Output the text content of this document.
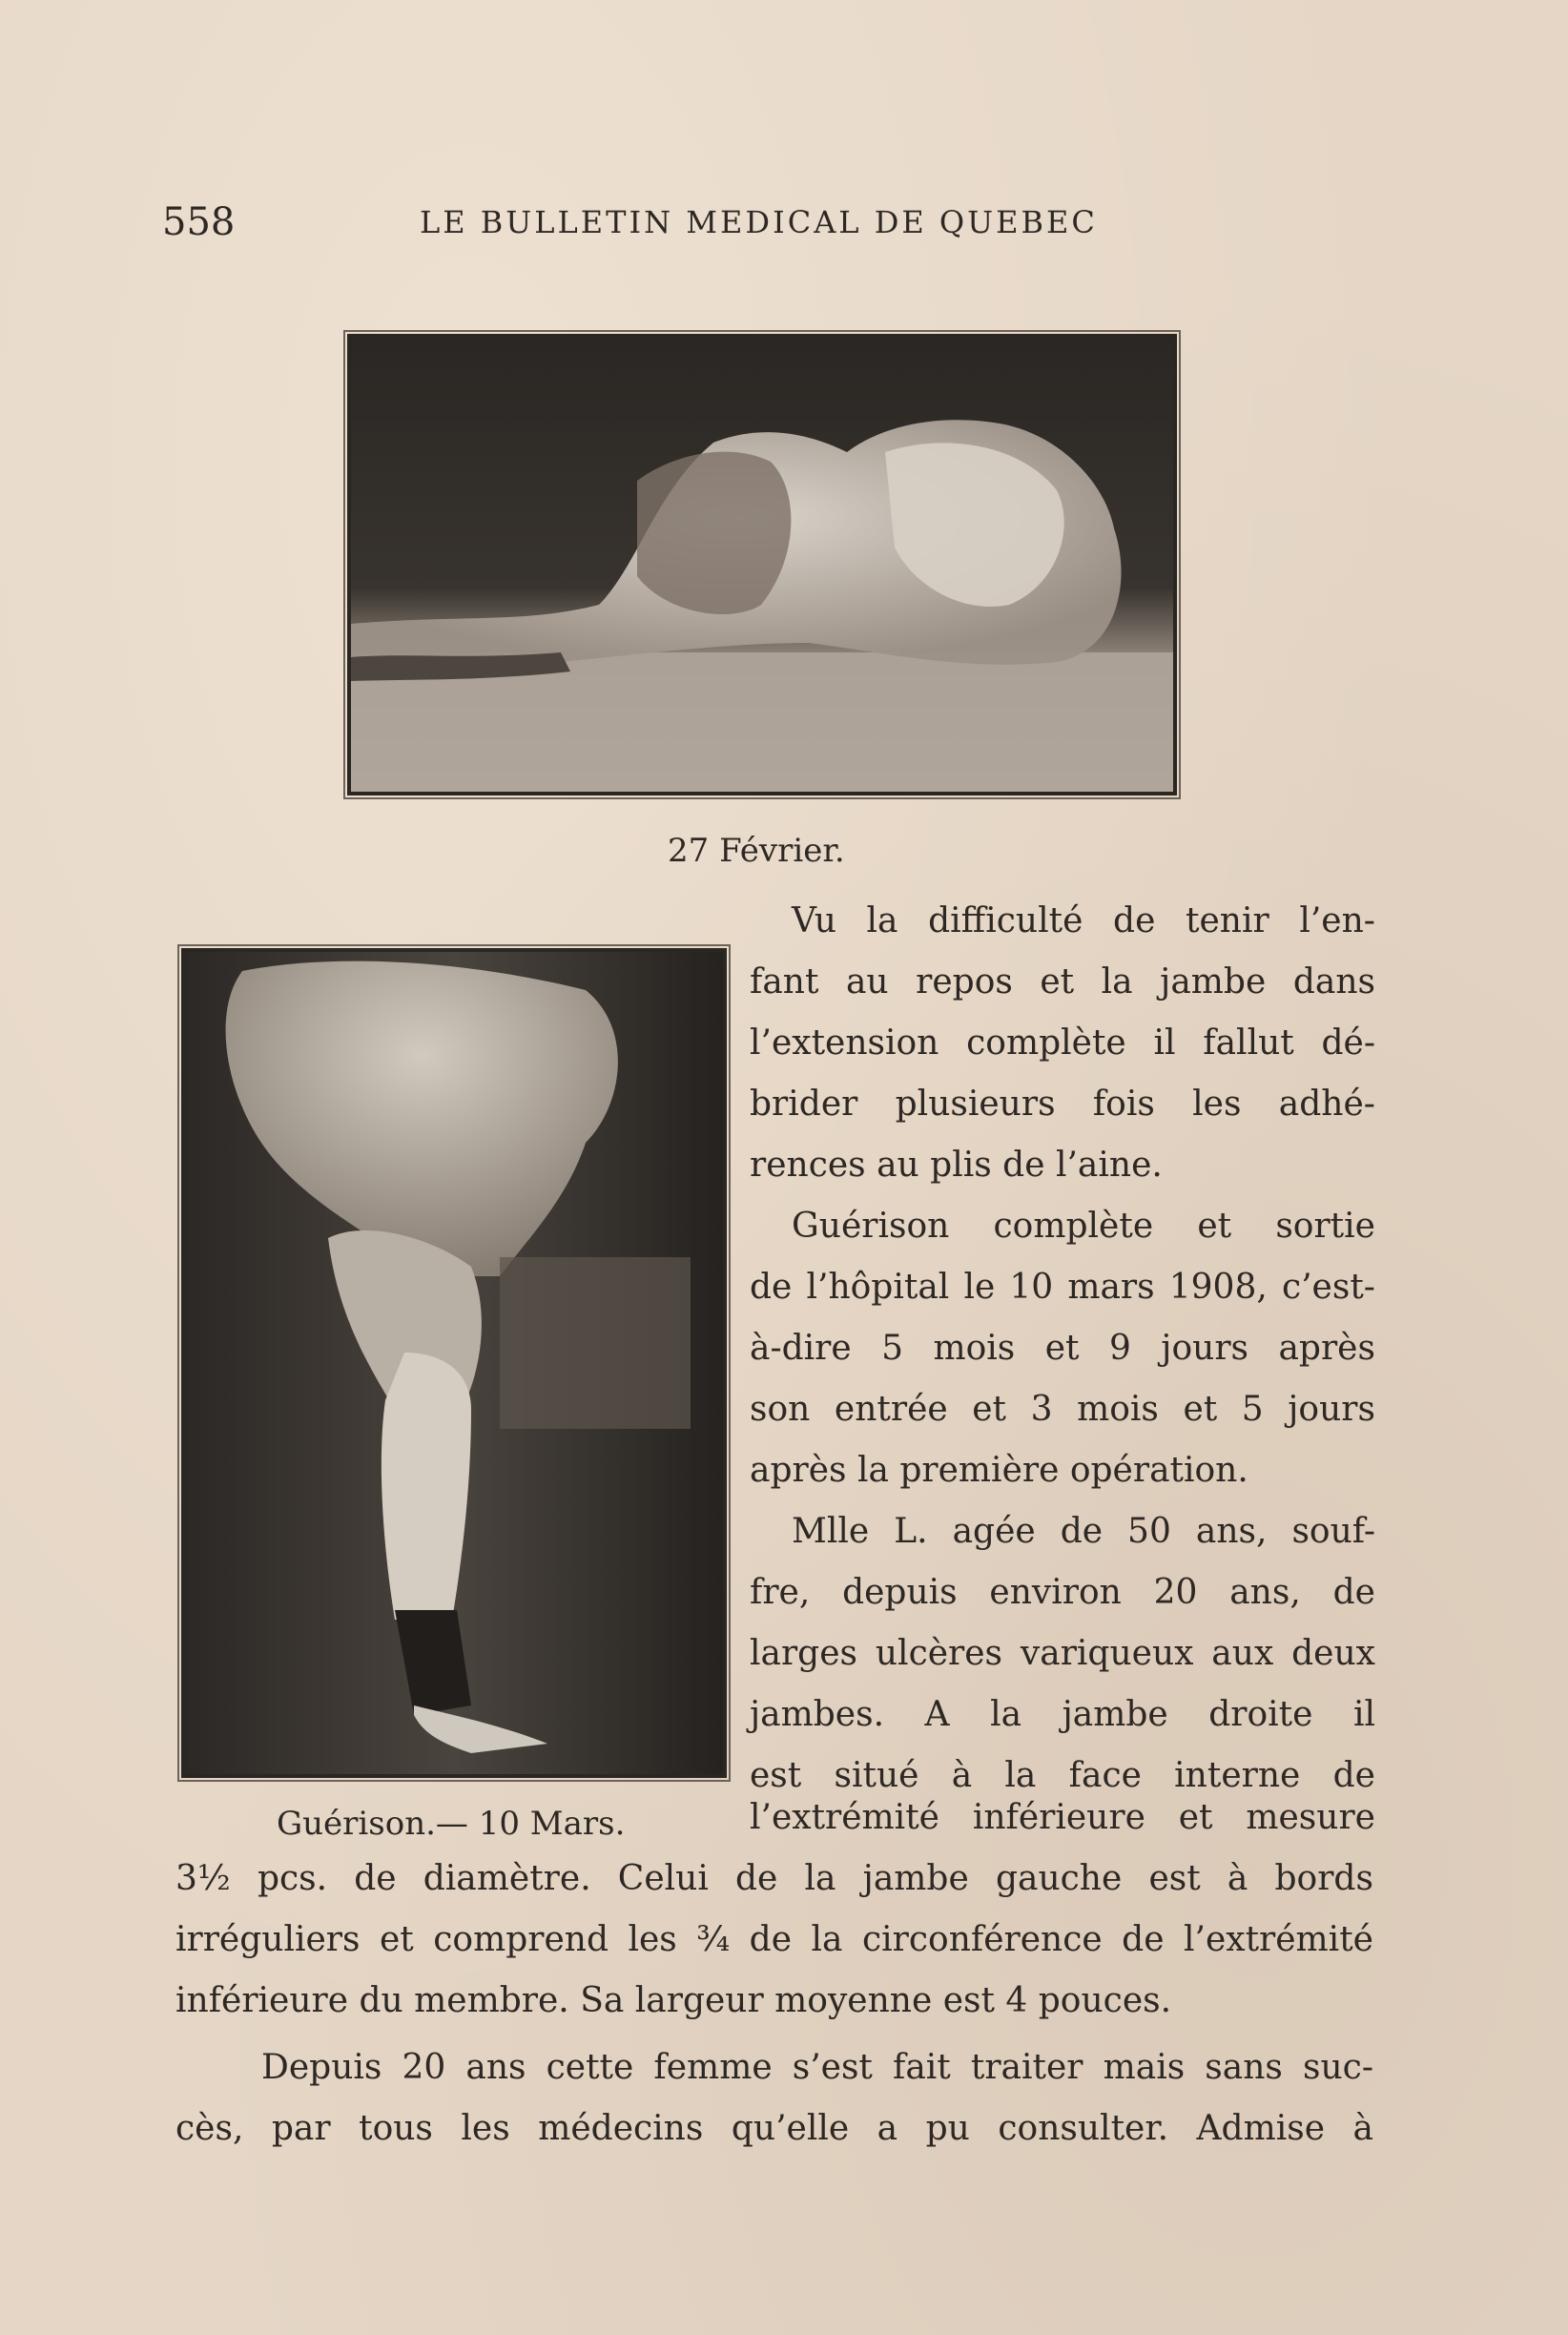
558	LE BULLETIN MEDICAL DE QUEBEC
27 Février.
Guérison.— 10 Mars.
Vu la difficulté de tenir l’en-
fant au repos et la jambe dans
l’extension complète il fallut dé-
brider plusieurs fois les adhé-
rences au plis de l’aine.
Guérison complète et sortie
de l’hôpital le 10 mars 1908, c’est-
à-dire 5 mois et 9 jours après
son entrée et 3 mois et 5 jours
après la première opération.
Mlle L. agée de 50 ans, souf-
fre, depuis environ 20 ans, de
larges ulcères variqueux aux deux
jambes. A la jambe droite il
est situé à la face interne de
l’extrémité inférieure et mesure
3½ pcs. de diamètre. Celui de la jambe gauche est à bords
irréguliers et comprend les ¾ de la circonférence de l’extrémité
inférieure du membre. Sa largeur moyenne est 4 pouces.
Depuis 20 ans cette femme s’est fait traiter mais sans suc-
cès, par tous les médecins qu’elle a pu consulter. Admise à
